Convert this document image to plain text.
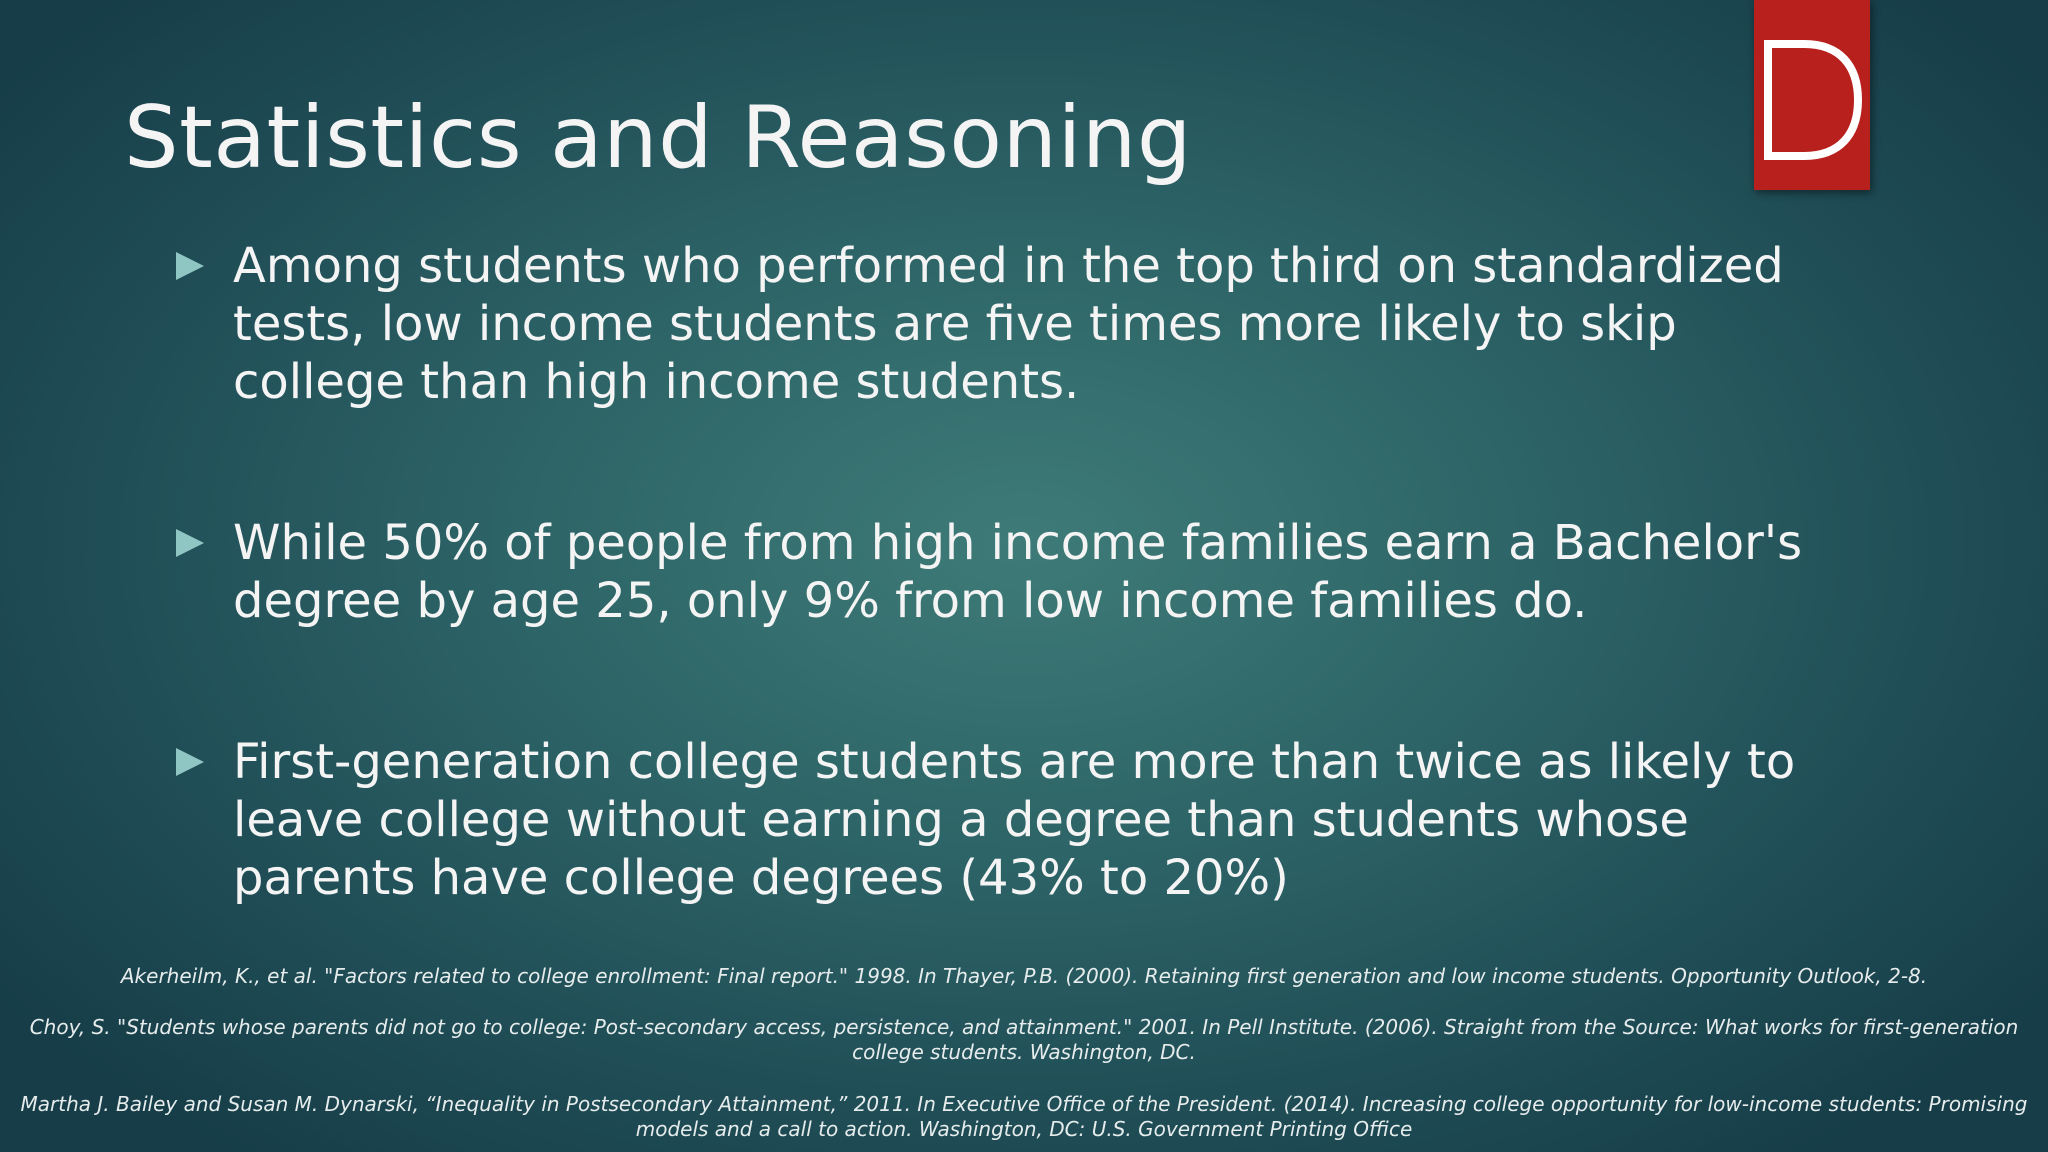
Statistics and Reasoning
Among students who performed in the top third on standardized tests, low income students are five times more likely to skip college than high income students.
While 50% of people from high income families earn a Bachelor's degree by age 25, only 9% from low income families do.
First-generation college students are more than twice as likely to leave college without earning a degree than students whose parents have college degrees (43% to 20%)
Akerheilm, K., et al. "Factors related to college enrollment: Final report." 1998. In Thayer, P.B. (2000). Retaining first generation and low income students. Opportunity Outlook, 2-8.
Choy, S. "Students whose parents did not go to college: Post-secondary access, persistence, and attainment." 2001. In Pell Institute. (2006). Straight from the Source: What works for first-generation college students. Washington, DC.
Martha J. Bailey and Susan M. Dynarski, “Inequality in Postsecondary Attainment,” 2011. In Executive Office of the President. (2014). Increasing college opportunity for low-income students: Promising models and a call to action. Washington, DC: U.S. Government Printing Office
